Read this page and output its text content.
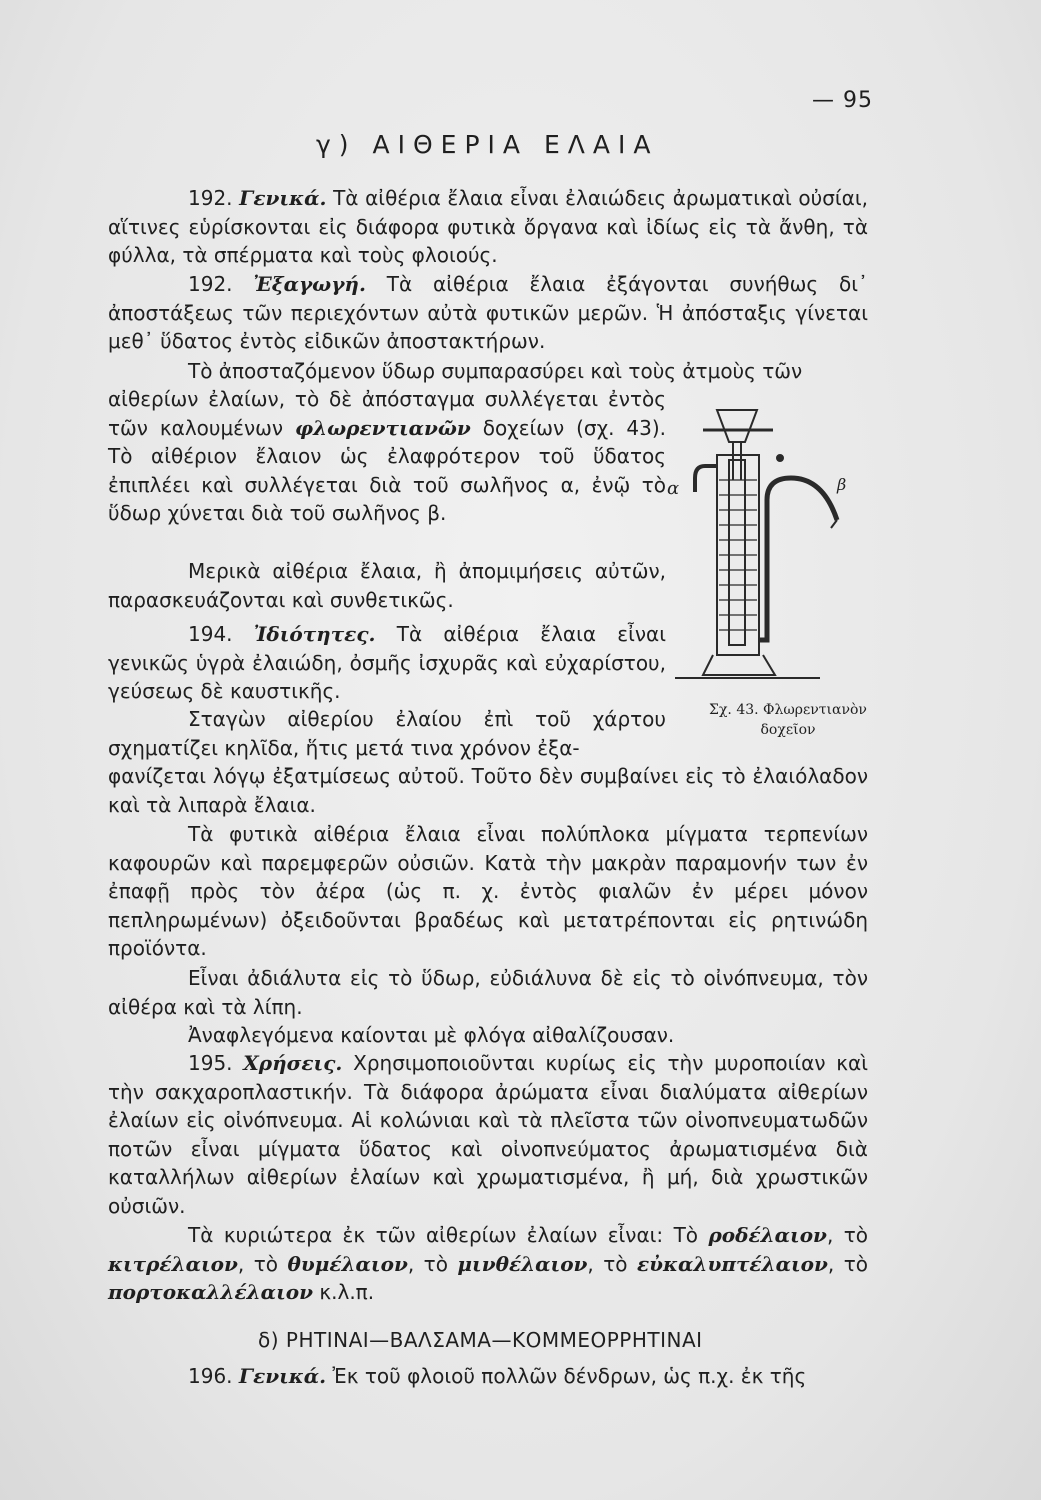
— 95
γ) ΑΙΘΕΡΙΑ ΕΛΑΙΑ

192. Γενικά. Τὰ αἰθέρια ἔλαια εἶναι ἐλαιώδεις ἀρωματικαὶ οὐσίαι, αἵτινες εὑρίσκονται εἰς διάφορα φυτικὰ ὄργανα καὶ ἰδίως εἰς τὰ ἄνθη, τὰ φύλλα, τὰ σπέρματα καὶ τοὺς φλοιούς.

192. Ἐξαγωγή. Τὰ αἰθέρια ἔλαια ἐξάγονται συνήθως δι᾽ ἀποστάξεως τῶν περιεχόντων αὐτὰ φυτικῶν μερῶν. Ἡ ἀπόσταξις γίνεται μεθ᾽ ὕδατος ἐντὸς εἰδικῶν ἀποστακτήρων.

Τὸ ἀποσταζόμενον ὕδωρ συμπαρασύρει καὶ τοὺς ἀτμοὺς τῶν

αἰθερίων ἐλαίων, τὸ δὲ ἀπόσταγμα συλλέγεται ἐντὸς τῶν καλουμένων φλωρεντιανῶν δοχείων (σχ. 43). Τὸ αἰθέριον ἔλαιον ὡς ἐλαφρότερον τοῦ ὕδατος ἐπιπλέει καὶ συλλέγεται διὰ τοῦ σωλῆνος α, ἐνῷ τὸ ὕδωρ χύνεται διὰ τοῦ σωλῆνος β.

Μερικὰ αἰθέρια ἔλαια, ἢ ἀπομιμήσεις αὐτῶν, παρασκευάζονται καὶ συνθετικῶς.

194. Ἰδιότητες. Τὰ αἰθέρια ἔλαια εἶναι γενικῶς ὑγρὰ ἐλαιώδη, ὀσμῆς ἰσχυρᾶς καὶ εὐχαρίστου, γεύσεως δὲ καυστικῆς.

Σταγὼν αἰθερίου ἐλαίου ἐπὶ τοῦ χάρτου σχηματίζει κηλῖδα, ἥτις μετά τινα χρόνον ἐξα-

φανίζεται λόγῳ ἐξατμίσεως αὐτοῦ. Τοῦτο δὲν συμβαίνει εἰς τὸ ἐλαιόλαδον καὶ τὰ λιπαρὰ ἔλαια.

Τὰ φυτικὰ αἰθέρια ἔλαια εἶναι πολύπλοκα μίγματα τερπενίων καφουρῶν καὶ παρεμφερῶν οὐσιῶν. Κατὰ τὴν μακρὰν παραμονήν των ἐν ἐπαφῇ πρὸς τὸν ἀέρα (ὡς π. χ. ἐντὸς φιαλῶν ἐν μέρει μόνον πεπληρωμένων) ὀξειδοῦνται βραδέως καὶ μετατρέπονται εἰς ρητινώδη προϊόντα.

Εἶναι ἀδιάλυτα εἰς τὸ ὕδωρ, εὐδιάλυνα δὲ εἰς τὸ οἰνόπνευμα, τὸν αἰθέρα καὶ τὰ λίπη.

Ἀναφλεγόμενα καίονται μὲ φλόγα αἰθαλίζουσαν.

195. Χρήσεις. Χρησιμοποιοῦνται κυρίως εἰς τὴν μυροποιίαν καὶ τὴν σακχαροπλαστικήν. Τὰ διάφορα ἀρώματα εἶναι διαλύματα αἰθερίων ἐλαίων εἰς οἰνόπνευμα. Αἱ κολώνιαι καὶ τὰ πλεῖστα τῶν οἰνοπνευματωδῶν ποτῶν εἶναι μίγματα ὕδατος καὶ οἰνοπνεύματος ἀρωματισμένα διὰ καταλλήλων αἰθερίων ἐλαίων καὶ χρωματισμένα, ἢ μή, διὰ χρωστικῶν οὐσιῶν.

Τὰ κυριώτερα ἐκ τῶν αἰθερίων ἐλαίων εἶναι: Τὸ ροδέλαιον, τὸ κιτρέλαιον, τὸ θυμέλαιον, τὸ μινθέλαιον, τὸ εὐκαλυπτέλαιον, τὸ πορτοκαλλέλαιον κ.λ.π.

δ) ΡΗΤΙΝΑΙ—ΒΑΛΣΑΜΑ—ΚΟΜΜΕΟΡΡΗΤΙΝΑΙ

196. Γενικά. Ἐκ τοῦ φλοιοῦ πολλῶν δένδρων, ὡς π.χ. ἐκ τῆς

α	β
Σχ. 43. Φλωρεντιανὸν δοχεῖον
